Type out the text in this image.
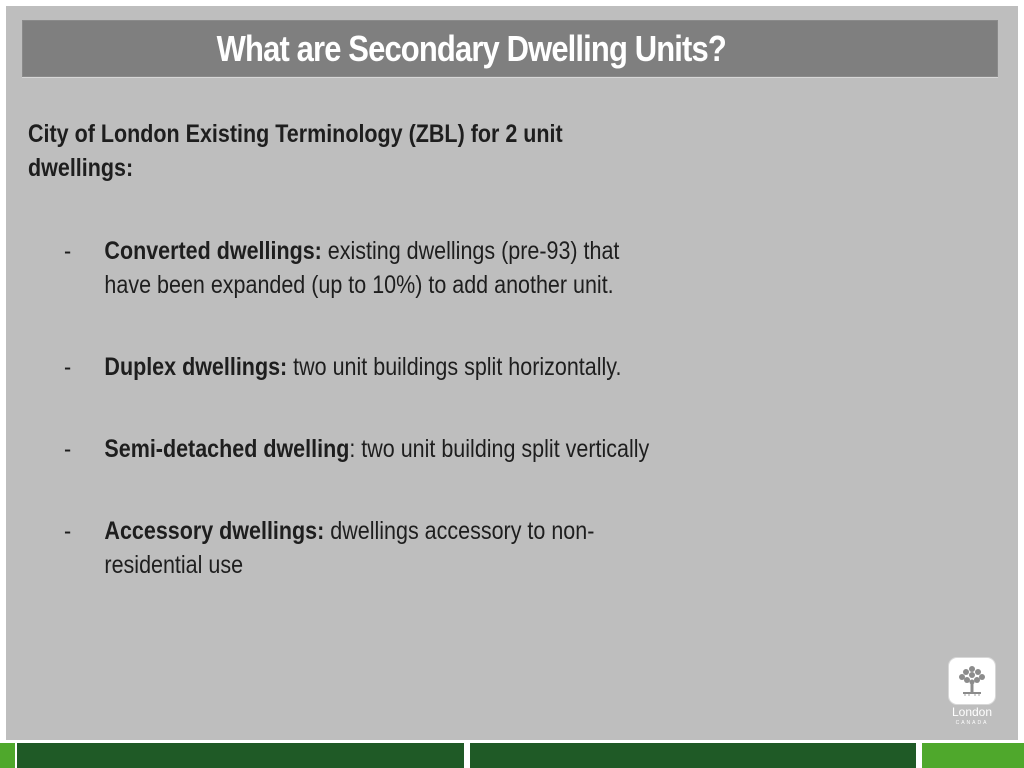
What are Secondary Dwelling Units?
City of London Existing Terminology (ZBL) for 2 unit dwellings:
- Converted dwellings: existing dwellings (pre-93) that have been expanded (up to 10%) to add another unit.
- Duplex dwellings: two unit buildings split horizontally.
- Semi-detached dwelling: two unit building split vertically
- Accessory dwellings: dwellings accessory to non-residential use
London
CANADA
